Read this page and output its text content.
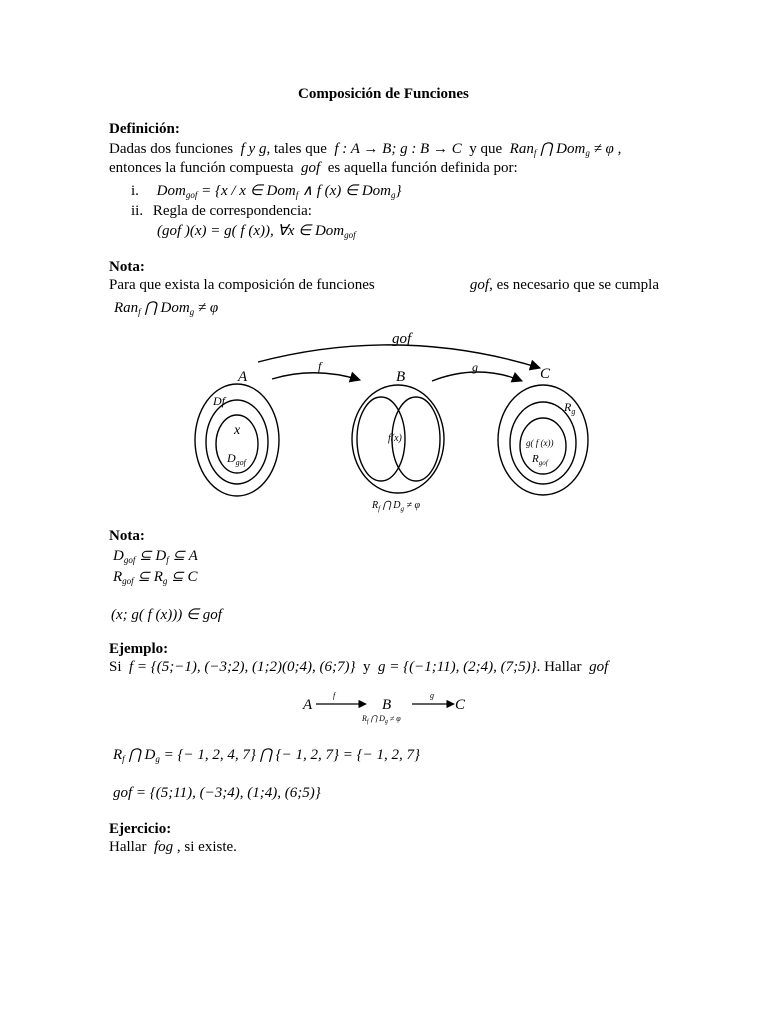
Composición de Funciones
Definición:
Dadas dos funciones f y g, tales que f : A → B; g : B → C y que Ran$_f$ ⋂ Dom$_g$ ≠ φ ,
entonces la función compuesta gof es aquella función definida por:
i. Dom$_{gof}$ = {x / x ∈ Dom$_f$ ∧ f (x) ∈ Dom$_g$}
ii. Regla de correspondencia:
(gof )(x) = g( f (x)), ∀x ∈ Dom$_{gof}$
Nota:
Para que exista la composición de funciones	gof, es necesario que se cumpla
Ran$_f$ ⋂ Dom$_g$ ≠ φ
gof
f	g
A	B	C
Df
x
$D_{gof}$
f(x)
$R_f$ ⋂ $D_g \ne \varphi$
$R_g$
g( f (x))
$R_{gof}$
Nota:
$D_{gof}$ ⊆ $D_f$ ⊆ A
$R_{gof}$ ⊆ $R_g$ ⊆ C
(x; g( f (x))) ∈ gof
Ejemplo:
Si f = {(5;−1), (−3;2), (1;2)(0;4), (6;7)} y g = {(−1;11), (2;4), (7;5)}. Hallar gof
A
f
B
g
C
$R_f$ ⋂ $D_g \ne \varphi$
$R_f$ ⋂ $D_g$ = {− 1, 2, 4, 7} ⋂ {− 1, 2, 7} = {− 1, 2, 7}
gof = {(5;11), (−3;4), (1;4), (6;5)}
Ejercicio:
Hallar fog , si existe.
